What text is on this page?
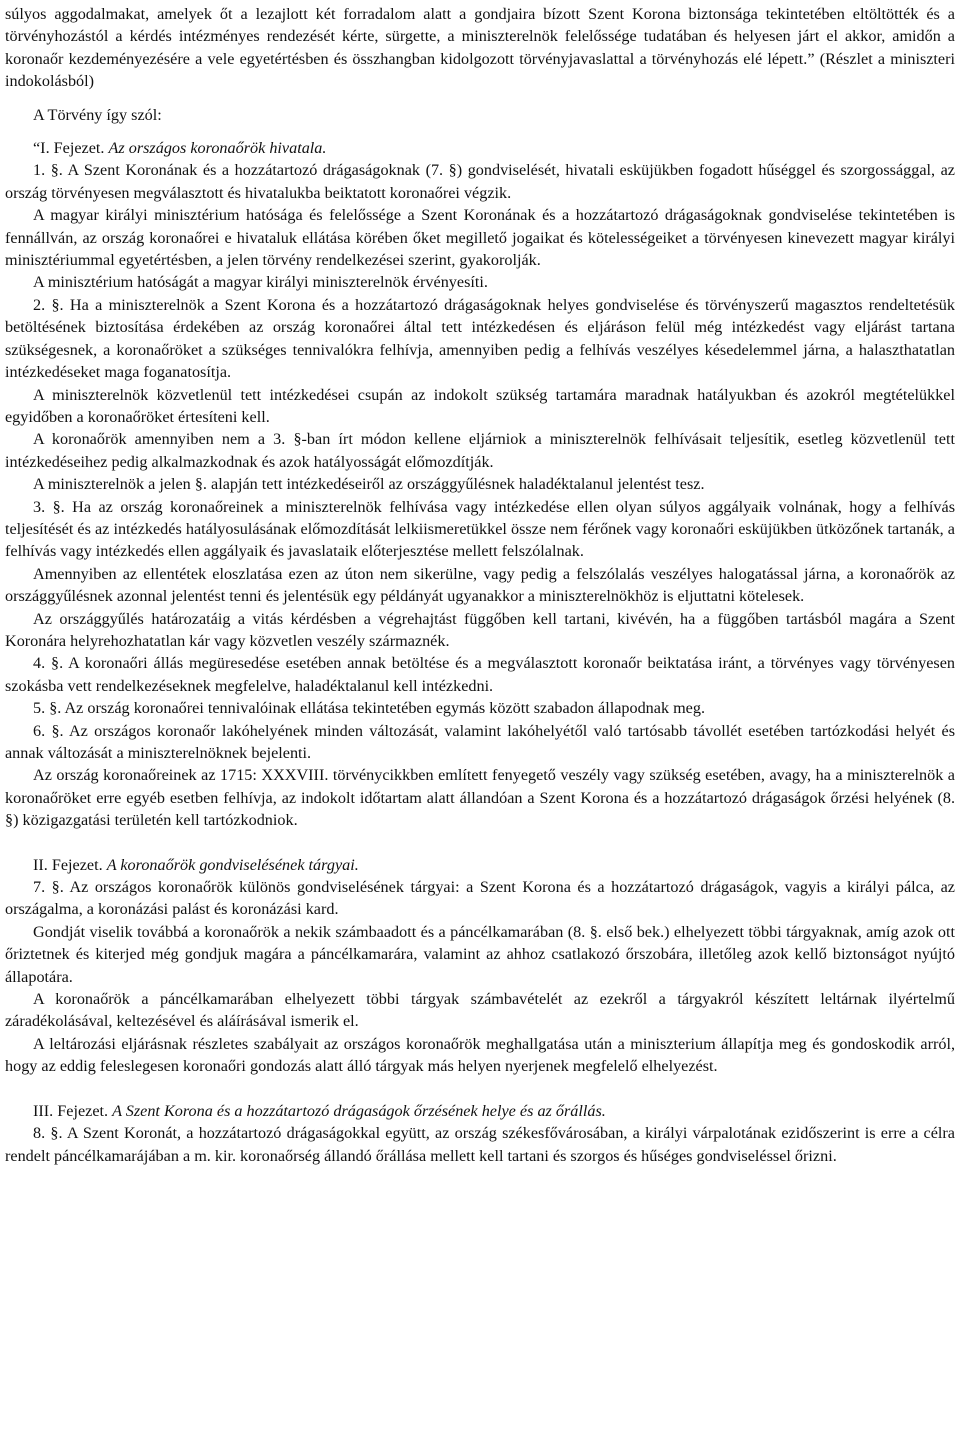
súlyos aggodalmakat, amelyek őt a lezajlott két forradalom alatt a gondjaira bízott Szent Korona biztonsága tekintetében eltöltötték és a törvényhozástól a kérdés intézményes rendezését kérte, sürgette, a miniszterelnök felelőssége tudatában és helyesen járt el akkor, amidőn a koronaőr kezdeményezésére a vele egyetértésben és összhangban kidolgozott törvényjavaslattal a törvényhozás elé lépett.” (Részlet a miniszteri indokolásból)

A Törvény így szól:

“I. Fejezet. Az országos koronaőrök hivatala.

1. §. A Szent Koronának és a hozzátartozó drágaságoknak (7. §) gondviselését, hivatali esküjükben fogadott hűséggel és szorgossággal, az ország törvényesen megválasztott és hivatalukba beiktatott koronaőrei végzik.

A magyar királyi minisztérium hatósága és felelőssége a Szent Koronának és a hozzátartozó drágaságoknak gondviselése tekintetében is fennállván, az ország koronaőrei e hivataluk ellátása körében őket megillető jogaikat és kötelességeiket a törvényesen kinevezett magyar királyi minisztériummal egyetértésben, a jelen törvény rendelkezései szerint, gyakorolják.

A minisztérium hatóságát a magyar királyi miniszterelnök érvényesíti.

2. §. Ha a miniszterelnök a Szent Korona és a hozzátartozó drágaságoknak helyes gondviselése és törvényszerű magasztos rendeltetésük betöltésének biztosítása érdekében az ország koronaőrei által tett intézkedésen és eljáráson felül még intézkedést vagy eljárást tartana szükségesnek, a koronaőröket a szükséges tennivalókra felhívja, amennyiben pedig a felhívás veszélyes késedelemmel járna, a halaszthatatlan intézkedéseket maga foganatosítja.

A miniszterelnök közvetlenül tett intézkedései csupán az indokolt szükség tartamára maradnak hatályukban és azokról megtételükkel egyidőben a koronaőröket értesíteni kell.

A koronaőrök amennyiben nem a 3. §-ban írt módon kellene eljárniok a miniszterelnök felhívásait teljesítik, esetleg közvetlenül tett intézkedéseihez pedig alkalmazkodnak és azok hatályosságát előmozdítják.

A miniszterelnök a jelen §. alapján tett intézkedéseiről az országgyűlésnek haladéktalanul jelentést tesz.

3. §. Ha az ország koronaőreinek a miniszterelnök felhívása vagy intézkedése ellen olyan súlyos aggályaik volnának, hogy a felhívás teljesítését és az intézkedés hatályosulásának előmozdítását lelkiismeretükkel össze nem férőnek vagy koronaőri esküjükben ütközőnek tartanák, a felhívás vagy intézkedés ellen aggályaik és javaslataik előterjesztése mellett felszólalnak.

Amennyiben az ellentétek eloszlatása ezen az úton nem sikerülne, vagy pedig a felszólalás veszélyes halogatással járna, a koronaőrök az országgyűlésnek azonnal jelentést tenni és jelentésük egy példányát ugyanakkor a miniszterelnökhöz is eljuttatni kötelesek.

Az országgyűlés határozatáig a vitás kérdésben a végrehajtást függőben kell tartani, kivévén, ha a függőben tartásból magára a Szent Koronára helyrehozhatatlan kár vagy közvetlen veszély származnék.

4. §. A koronaőri állás megüresedése esetében annak betöltése és a megválasztott koronaőr beiktatása iránt, a törvényes vagy törvényesen szokásba vett rendelkezéseknek megfelelve, haladéktalanul kell intézkedni.

5. §. Az ország koronaőrei tennivalóinak ellátása tekintetében egymás között szabadon állapodnak meg.

6. §. Az országos koronaőr lakóhelyének minden változását, valamint lakóhelyétől való tartósabb távollét esetében tartózkodási helyét és annak változását a miniszterelnöknek bejelenti.

Az ország koronaőreinek az 1715: XXXVIII. törvénycikkben említett fenyegető veszély vagy szükség esetében, avagy, ha a miniszterelnök a koronaőröket erre egyéb esetben felhívja, az indokolt időtartam alatt állandóan a Szent Korona és a hozzátartozó drágaságok őrzési helyének (8. §) közigazgatási területén kell tartózkodniok.

II. Fejezet. A koronaőrök gondviselésének tárgyai.

7. §. Az országos koronaőrök különös gondviselésének tárgyai: a Szent Korona és a hozzátartozó drágaságok, vagyis a királyi pálca, az országalma, a koronázási palást és koronázási kard.

Gondját viselik továbbá a koronaőrök a nekik számbaadott és a páncélkamarában (8. §. első bek.) elhelyezett többi tárgyaknak, amíg azok ott őriztetnek és kiterjed még gondjuk magára a páncélkamarára, valamint az ahhoz csatlakozó őrszobára, illetőleg azok kellő biztonságot nyújtó állapotára.

A koronaőrök a páncélkamarában elhelyezett többi tárgyak számbavételét az ezekről a tárgyakról készített leltárnak ilyértelmű záradékolásával, keltezésével és aláírásával ismerik el.

A leltározási eljárásnak részletes szabályait az országos koronaőrök meghallgatása után a miniszterium állapítja meg és gondoskodik arról, hogy az eddig feleslegesen koronaőri gondozás alatt álló tárgyak más helyen nyerjenek megfelelő elhelyezést.

III. Fejezet. A Szent Korona és a hozzátartozó drágaságok őrzésének helye és az őrállás.

8. §. A Szent Koronát, a hozzátartozó drágaságokkal együtt, az ország székesfővárosában, a királyi várpalotának ezidőszerint is erre a célra rendelt páncélkamarájában a m. kir. koronaőrség állandó őrállása mellett kell tartani és szorgos és hűséges gondviseléssel őrizni.
